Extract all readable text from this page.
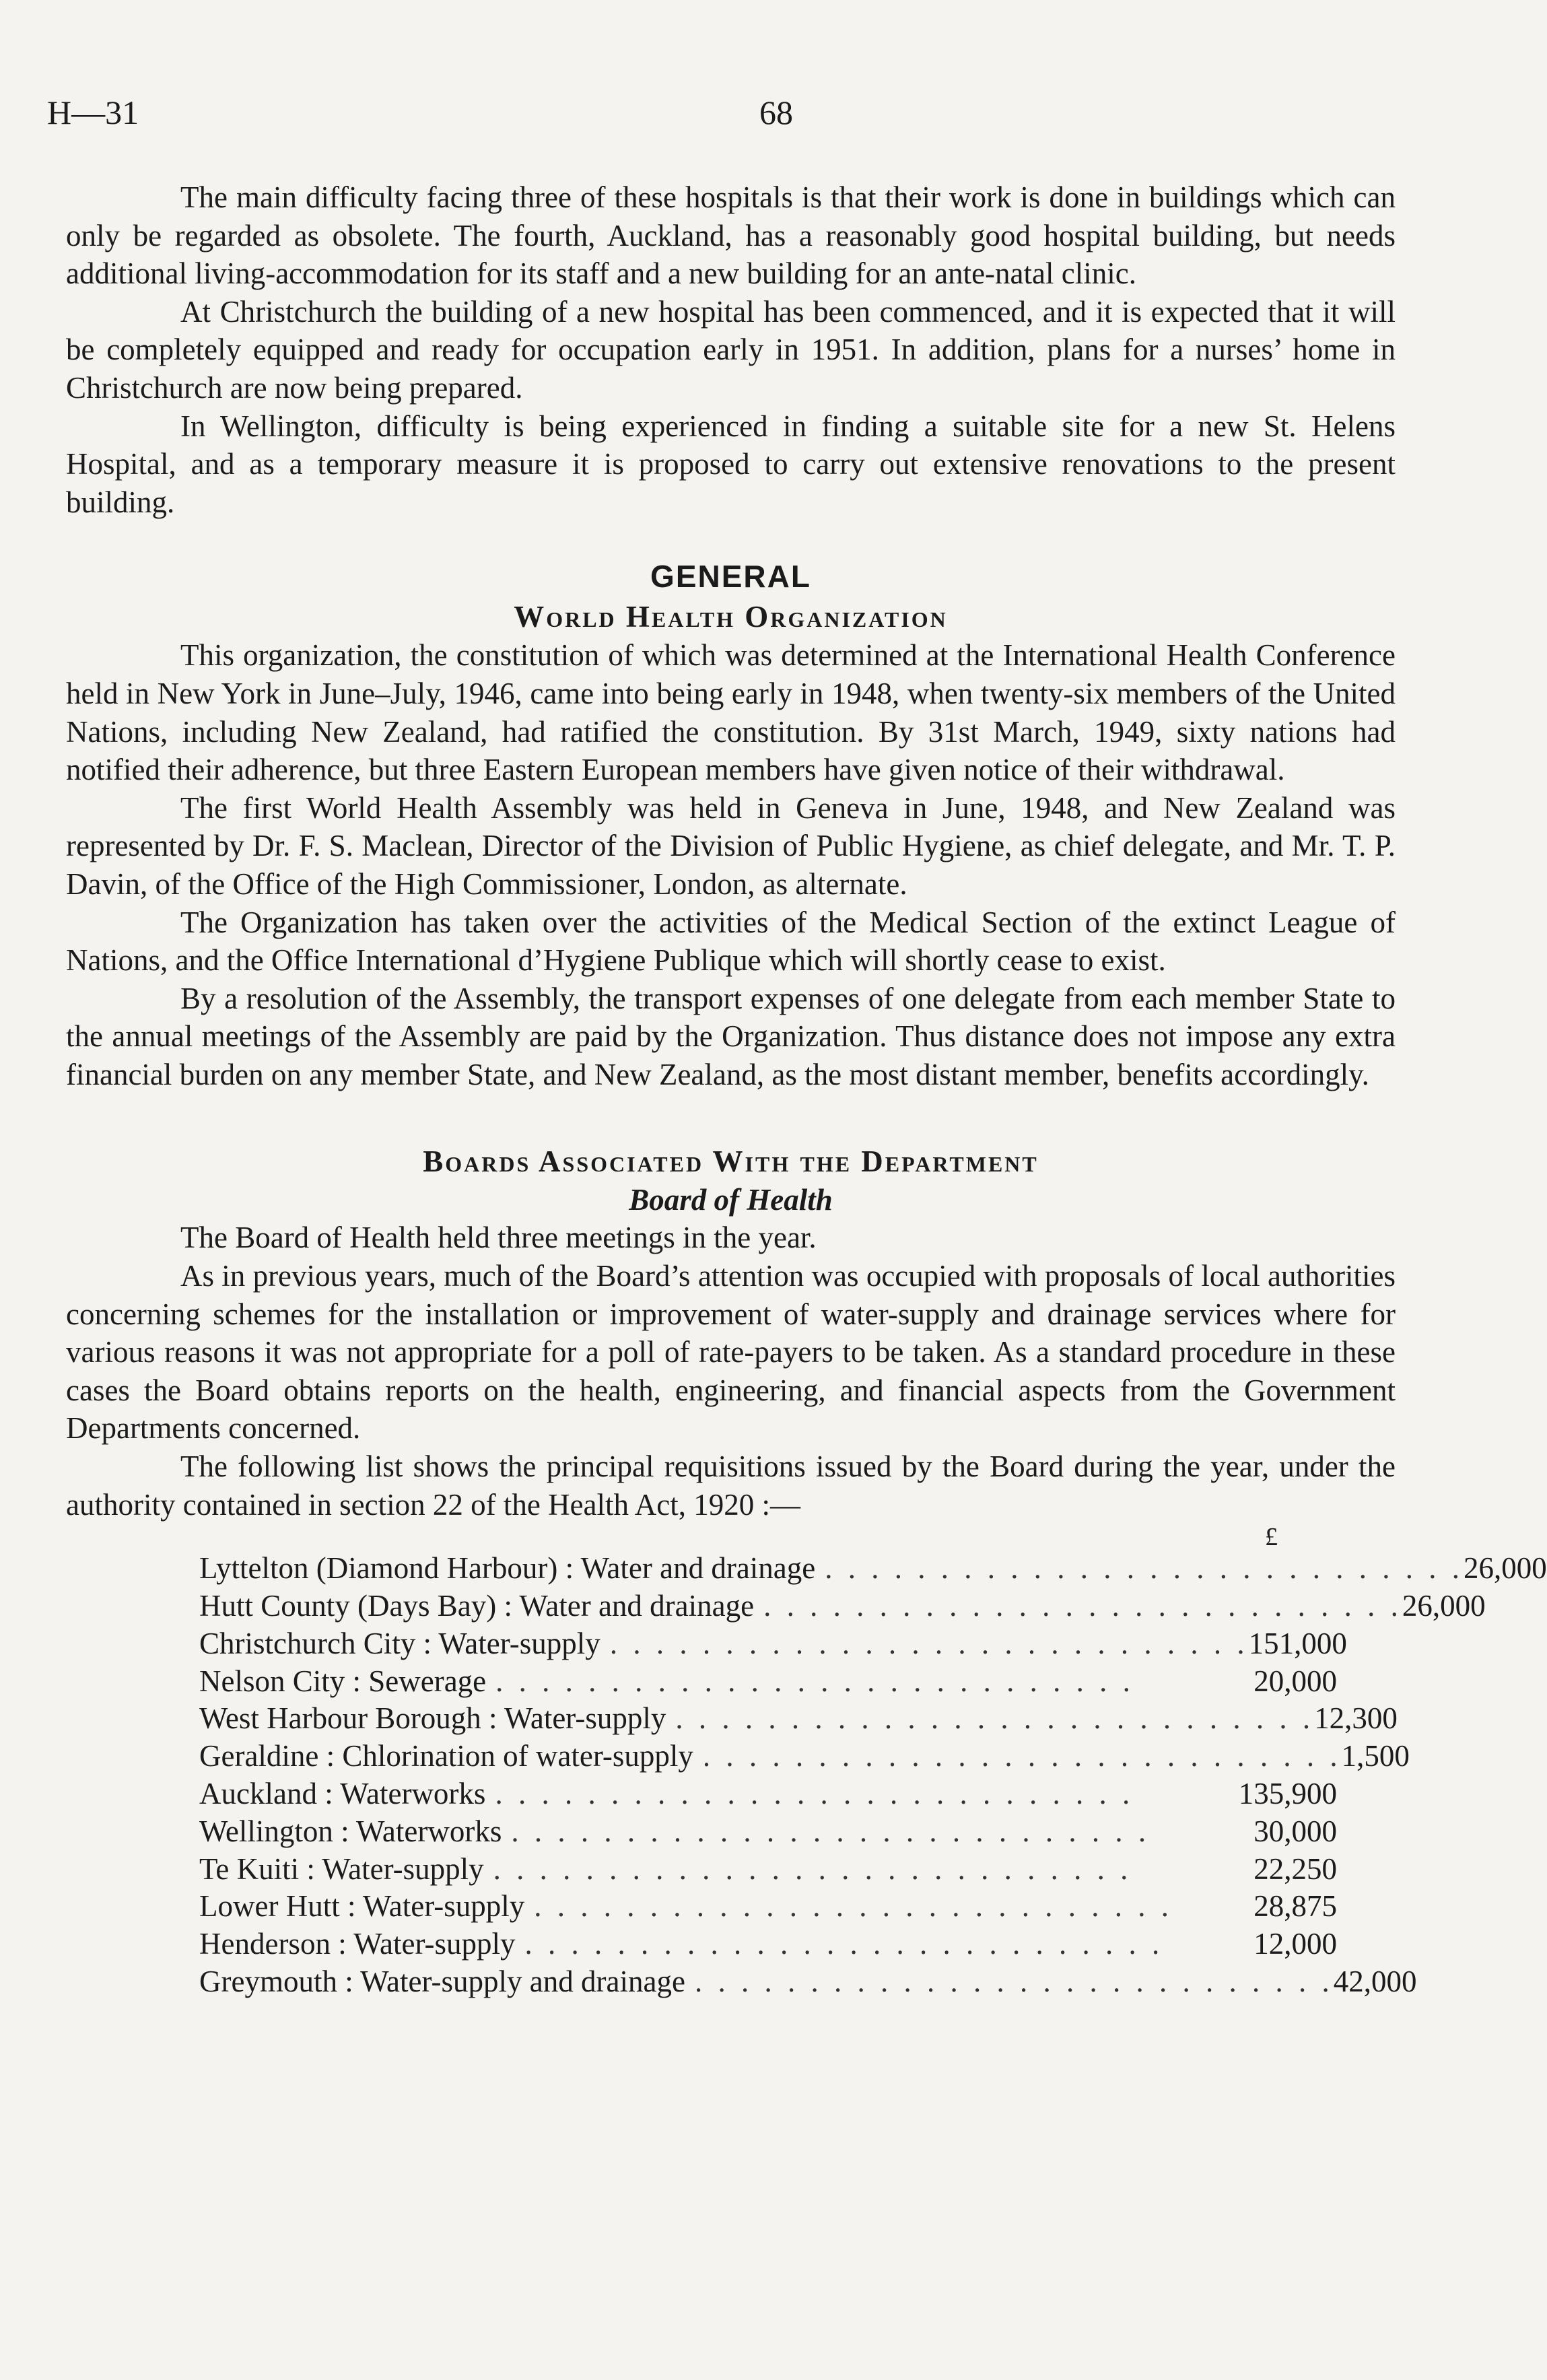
H—31	68

The main difficulty facing three of these hospitals is that their work is done in buildings which can only be regarded as obsolete. The fourth, Auckland, has a reasonably good hospital building, but needs additional living-accommodation for its staff and a new building for an ante-natal clinic.

At Christchurch the building of a new hospital has been commenced, and it is expected that it will be completely equipped and ready for occupation early in 1951. In addition, plans for a nurses’ home in Christchurch are now being prepared.

In Wellington, difficulty is being experienced in finding a suitable site for a new St. Helens Hospital, and as a temporary measure it is proposed to carry out extensive renovations to the present building.

GENERAL
World Health Organization

This organization, the constitution of which was determined at the International Health Conference held in New York in June–July, 1946, came into being early in 1948, when twenty-six members of the United Nations, including New Zealand, had ratified the constitution. By 31st March, 1949, sixty nations had notified their adherence, but three Eastern European members have given notice of their withdrawal.

The first World Health Assembly was held in Geneva in June, 1948, and New Zealand was represented by Dr. F. S. Maclean, Director of the Division of Public Hygiene, as chief delegate, and Mr. T. P. Davin, of the Office of the High Commissioner, London, as alternate.

The Organization has taken over the activities of the Medical Section of the extinct League of Nations, and the Office International d’Hygiene Publique which will shortly cease to exist.

By a resolution of the Assembly, the transport expenses of one delegate from each member State to the annual meetings of the Assembly are paid by the Organization. Thus distance does not impose any extra financial burden on any member State, and New Zealand, as the most distant member, benefits accordingly.

Boards Associated With the Department
Board of Health

The Board of Health held three meetings in the year.

As in previous years, much of the Board’s attention was occupied with proposals of local authorities concerning schemes for the installation or improvement of water-supply and drainage services where for various reasons it was not appropriate for a poll of rate-payers to be taken. As a standard procedure in these cases the Board obtains reports on the health, engineering, and financial aspects from the Government Departments concerned.

The following list shows the principal requisitions issued by the Board during the year, under the authority contained in section 22 of the Health Act, 1920 :—

£
Lyttelton (Diamond Harbour) : Water and drainage . . . . . . . . . . . . . . . . . . . . . . . . . . . . 26,000
Hutt County (Days Bay) : Water and drainage . . . . . . . . . . . . . . . . . . . . . . . . . . . . 26,000
Christchurch City : Water-supply . . . . . . . . . . . . . . . . . . . . . . . . . . . . 151,000
Nelson City : Sewerage . . . . . . . . . . . . . . . . . . . . . . . . . . . .	20,000
West Harbour Borough : Water-supply . . . . . . . . . . . . . . . . . . . . . . . . . . . . 12,300
Geraldine : Chlorination of water-supply . . . . . . . . . . . . . . . . . . . . . . . . . . . . 1,500
Auckland : Waterworks . . . . . . . . . . . . . . . . . . . . . . . . . . . .	135,900
Wellington : Waterworks . . . . . . . . . . . . . . . . . . . . . . . . . . . .	30,000
Te Kuiti : Water-supply . . . . . . . . . . . . . . . . . . . . . . . . . . . .	22,250
Lower Hutt : Water-supply . . . . . . . . . . . . . . . . . . . . . . . . . . . .	28,875
Henderson : Water-supply . . . . . . . . . . . . . . . . . . . . . . . . . . . .	12,000
Greymouth : Water-supply and drainage . . . . . . . . . . . . . . . . . . . . . . . . . . . . 42,000
